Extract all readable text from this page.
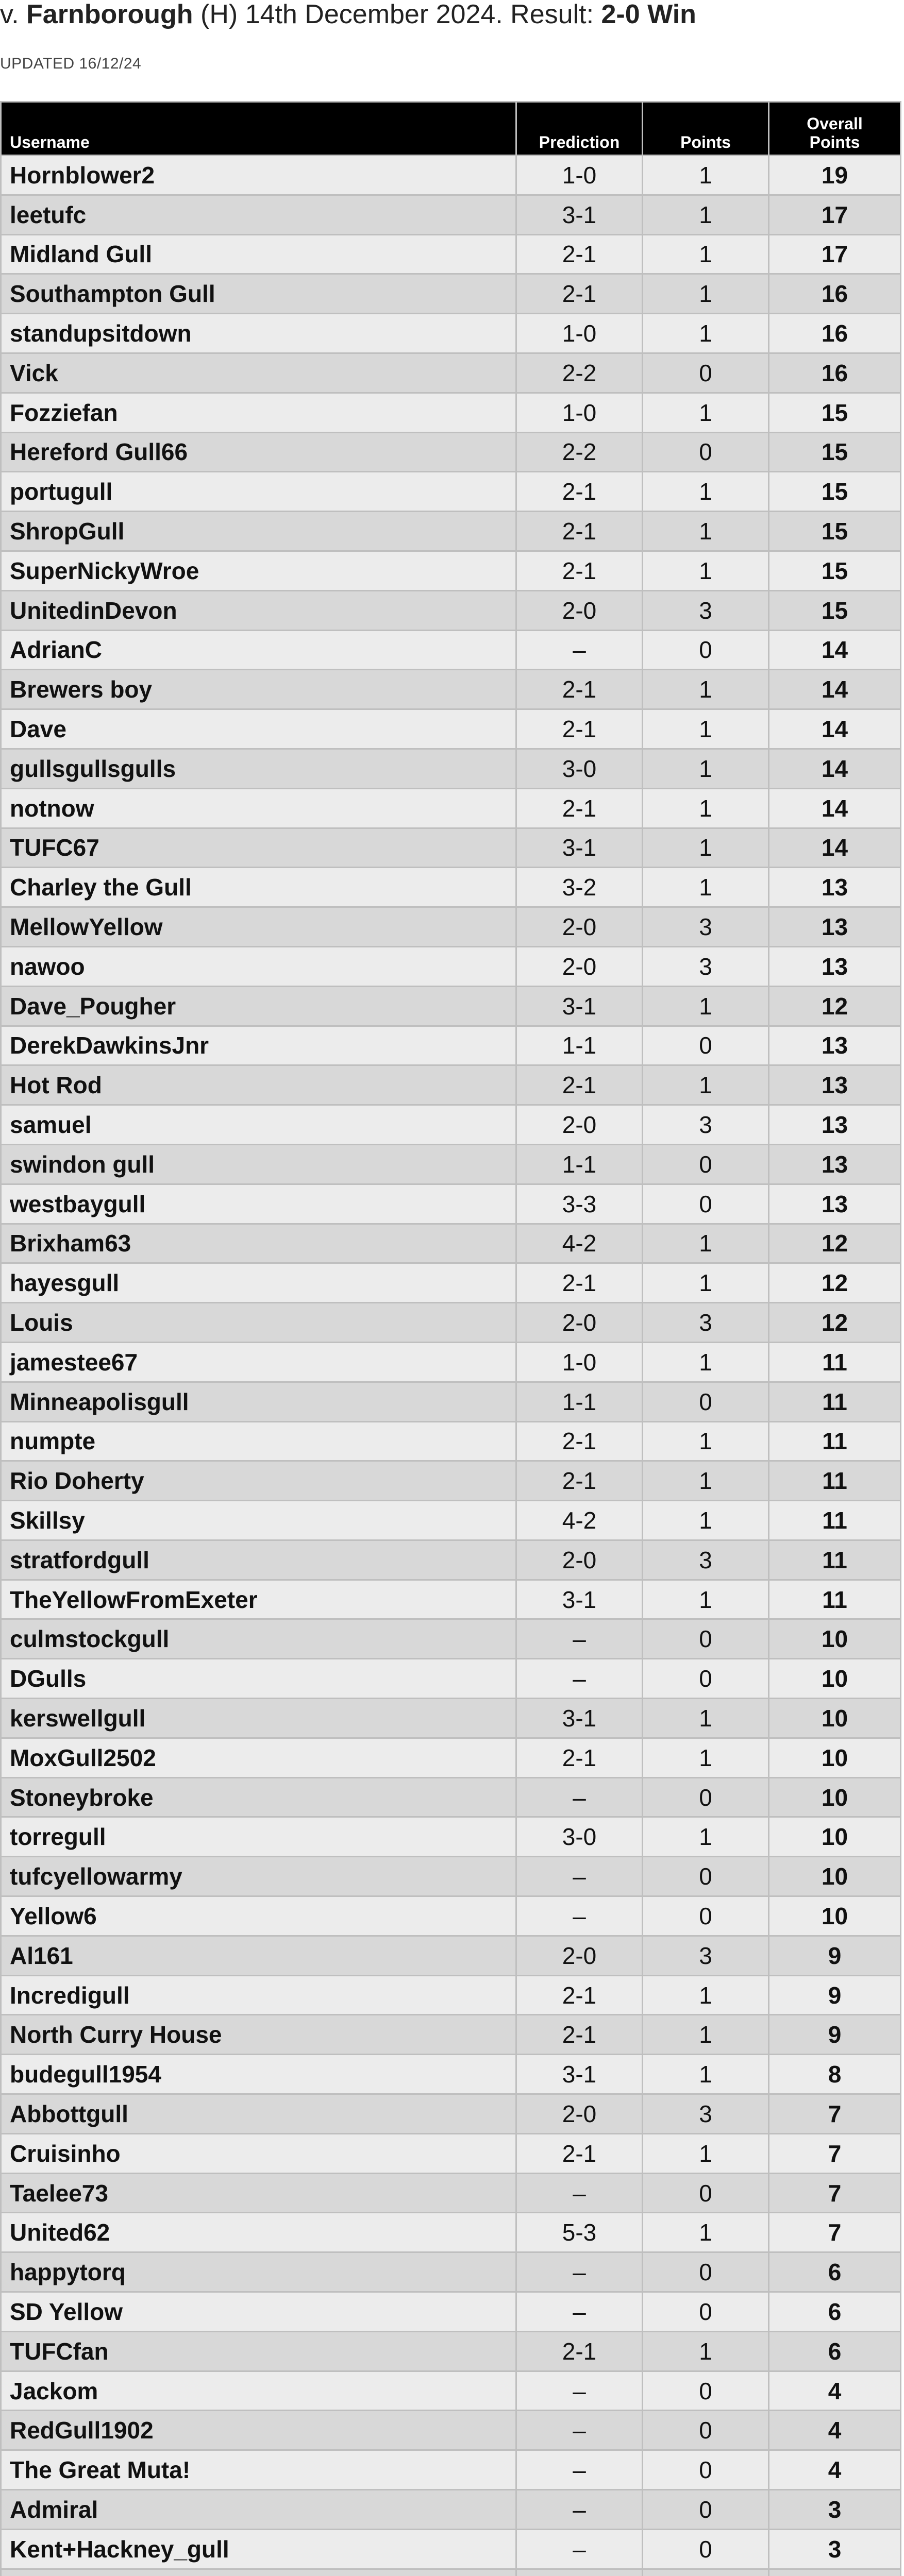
v. Farnborough (H) 14th December 2024. Result: 2-0 Win
UPDATED 16/12/24
Username	Prediction	Points	Overall
Points
Hornblower2	1-0	1	19
leetufc	3-1	1	17
Midland Gull	2-1	1	17
Southampton Gull	2-1	1	16
standupsitdown	1-0	1	16
Vick	2-2	0	16
Fozziefan	1-0	1	15
Hereford Gull66	2-2	0	15
portugull	2-1	1	15
ShropGull	2-1	1	15
SuperNickyWroe	2-1	1	15
UnitedinDevon	2-0	3	15
AdrianC	–	0	14
Brewers boy	2-1	1	14
Dave	2-1	1	14
gullsgullsgulls	3-0	1	14
notnow	2-1	1	14
TUFC67	3-1	1	14
Charley the Gull	3-2	1	13
MellowYellow	2-0	3	13
nawoo	2-0	3	13
Dave_Pougher	3-1	1	12
DerekDawkinsJnr	1-1	0	13
Hot Rod	2-1	1	13
samuel	2-0	3	13
swindon gull	1-1	0	13
westbaygull	3-3	0	13
Brixham63	4-2	1	12
hayesgull	2-1	1	12
Louis	2-0	3	12
jamestee67	1-0	1	11
Minneapolisgull	1-1	0	11
numpte	2-1	1	11
Rio Doherty	2-1	1	11
Skillsy	4-2	1	11
stratfordgull	2-0	3	11
TheYellowFromExeter	3-1	1	11
culmstockgull	–	0	10
DGulls	–	0	10
kerswellgull	3-1	1	10
MoxGull2502	2-1	1	10
Stoneybroke	–	0	10
torregull	3-0	1	10
tufcyellowarmy	–	0	10
Yellow6	–	0	10
Al161	2-0	3	9
Incredigull	2-1	1	9
North Curry House	2-1	1	9
budegull1954	3-1	1	8
Abbottgull	2-0	3	7
Cruisinho	2-1	1	7
Taelee73	–	0	7
United62	5-3	1	7
happytorq	–	0	6
SD Yellow	–	0	6
TUFCfan	2-1	1	6
Jackom	–	0	4
RedGull1902	–	0	4
The Great Muta!	–	0	4
Admiral	–	0	3
Kent+Hackney_gull	–	0	3
